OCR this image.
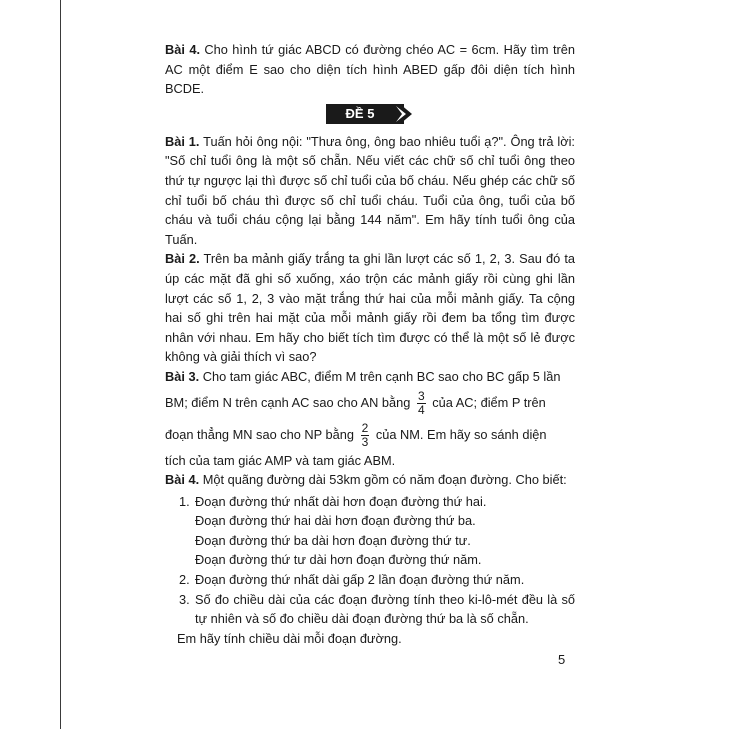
Bài 4. Cho hình tứ giác ABCD có đường chéo AC = 6cm. Hãy tìm trên AC một điểm E sao cho diện tích hình ABED gấp đôi diện tích hình BCDE.

ĐỀ 5

Bài 1. Tuấn hỏi ông nội: "Thưa ông, ông bao nhiêu tuổi ạ?". Ông trả lời: "Số chỉ tuổi ông là một số chẵn. Nếu viết các chữ số chỉ tuổi ông theo thứ tự ngược lại thì được số chỉ tuổi của bố cháu. Nếu ghép các chữ số chỉ tuổi bố cháu thì được số chỉ tuổi cháu. Tuổi của ông, tuổi của bố cháu và tuổi cháu cộng lại bằng 144 năm". Em hãy tính tuổi ông của Tuấn.

Bài 2. Trên ba mảnh giấy trắng ta ghi lần lượt các số 1, 2, 3. Sau đó ta úp các mặt đã ghi số xuống, xáo trộn các mảnh giấy rồi cùng ghi lần lượt các số 1, 2, 3 vào mặt trắng thứ hai của mỗi mảnh giấy. Ta cộng hai số ghi trên hai mặt của mỗi mảnh giấy rồi đem ba tổng tìm được nhân với nhau. Em hãy cho biết tích tìm được có thể là một số lẻ được không và giải thích vì sao?

Bài 3. Cho tam giác ABC, điểm M trên cạnh BC sao cho BC gấp 5 lần
BM; điểm N trên cạnh AC sao cho AN bằng $\frac{3}{4}$ của AC; điểm P trên
đoạn thẳng MN sao cho NP bằng $\frac{2}{3}$ của NM. Em hãy so sánh diện
tích của tam giác AMP và tam giác ABM.
Bài 4. Một quãng đường dài 53km gồm có năm đoạn đường. Cho biết:
1. Đoạn đường thứ nhất dài hơn đoạn đường thứ hai.
Đoạn đường thứ hai dài hơn đoạn đường thứ ba.
Đoạn đường thứ ba dài hơn đoạn đường thứ tư.
Đoạn đường thứ tư dài hơn đoạn đường thứ năm.
2. Đoạn đường thứ nhất dài gấp 2 lần đoạn đường thứ năm.
3. Số đo chiều dài của các đoạn đường tính theo ki-lô-mét đều là số tự nhiên và số đo chiều dài đoạn đường thứ ba là số chẵn.
Em hãy tính chiều dài mỗi đoạn đường.
5
